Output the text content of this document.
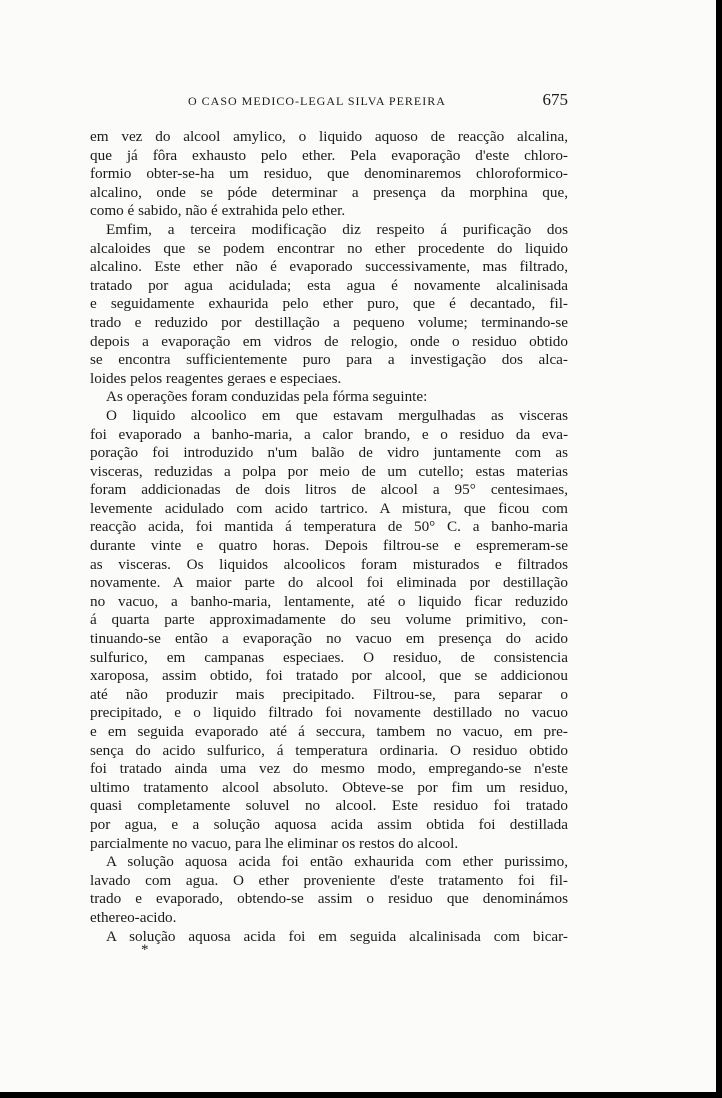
O CASO MEDICO-LEGAL SILVA PEREIRA	675
em vez do alcool amylico, o liquido aquoso de reacção alcalina,
que já fôra exhausto pelo ether. Pela evaporação d'este chloro-
formio obter-se-ha um residuo, que denominaremos chloroformico-
alcalino, onde se póde determinar a presença da morphina que,
como é sabido, não é extrahida pelo ether.
Emfim, a terceira modificação diz respeito á purificação dos
alcaloides que se podem encontrar no ether procedente do liquido
alcalino. Este ether não é evaporado successivamente, mas filtrado,
tratado por agua acidulada; esta agua é novamente alcalinisada
e seguidamente exhaurida pelo ether puro, que é decantado, fil-
trado e reduzido por destillação a pequeno volume; terminando-se
depois a evaporação em vidros de relogio, onde o residuo obtido
se encontra sufficientemente puro para a investigação dos alca-
loides pelos reagentes geraes e especiaes.
As operações foram conduzidas pela fórma seguinte:
O liquido alcoolico em que estavam mergulhadas as visceras
foi evaporado a banho-maria, a calor brando, e o residuo da eva-
poração foi introduzido n'um balão de vidro juntamente com as
visceras, reduzidas a polpa por meio de um cutello; estas materias
foram addicionadas de dois litros de alcool a 95° centesimaes,
levemente acidulado com acido tartrico. A mistura, que ficou com
reacção acida, foi mantida á temperatura de 50° C. a banho-maria
durante vinte e quatro horas. Depois filtrou-se e espremeram-se
as visceras. Os liquidos alcoolicos foram misturados e filtrados
novamente. A maior parte do alcool foi eliminada por destillação
no vacuo, a banho-maria, lentamente, até o liquido ficar reduzido
á quarta parte approximadamente do seu volume primitivo, con-
tinuando-se então a evaporação no vacuo em presença do acido
sulfurico, em campanas especiaes. O residuo, de consistencia
xaroposa, assim obtido, foi tratado por alcool, que se addicionou
até não produzir mais precipitado. Filtrou-se, para separar o
precipitado, e o liquido filtrado foi novamente destillado no vacuo
e em seguida evaporado até á seccura, tambem no vacuo, em pre-
sença do acido sulfurico, á temperatura ordinaria. O residuo obtido
foi tratado ainda uma vez do mesmo modo, empregando-se n'este
ultimo tratamento alcool absoluto. Obteve-se por fim um residuo,
quasi completamente soluvel no alcool. Este residuo foi tratado
por agua, e a solução aquosa acida assim obtida foi destillada
parcialmente no vacuo, para lhe eliminar os restos do alcool.
A solução aquosa acida foi então exhaurida com ether purissimo,
lavado com agua. O ether proveniente d'este tratamento foi fil-
trado e evaporado, obtendo-se assim o residuo que denominámos
ethereo-acido.
A solução aquosa acida foi em seguida alcalinisada com bicar-
*
